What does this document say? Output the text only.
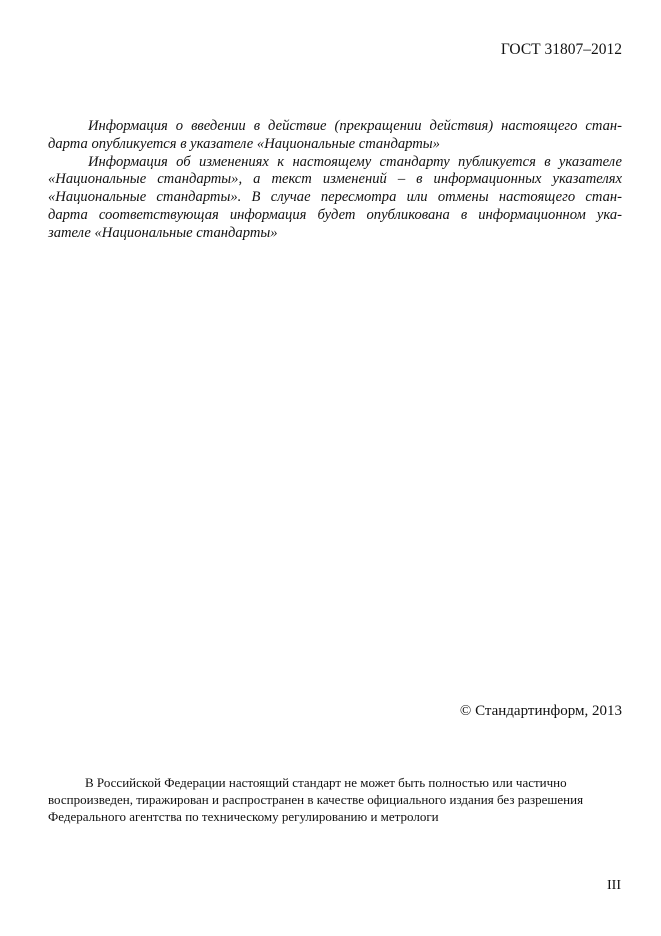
ГОСТ 31807–2012
Информация о введении в действие (прекращении действия) настоящего стан-
дарта опубликуется в указателе «Национальные стандарты»
Информация об изменениях к настоящему стандарту публикуется в указателе
«Национальные стандарты», а текст изменений – в информационных указателях
«Национальные стандарты». В случае пересмотра или отмены настоящего стан-
дарта соответствующая информация будет опубликована в информационном ука-
зателе «Национальные стандарты»
© Стандартинформ, 2013
В Российской Федерации настоящий стандарт не может быть полностью или частично
воспроизведен, тиражирован и распространен в качестве официального издания без разрешения
Федерального агентства по техническому регулированию и метрологи
III
